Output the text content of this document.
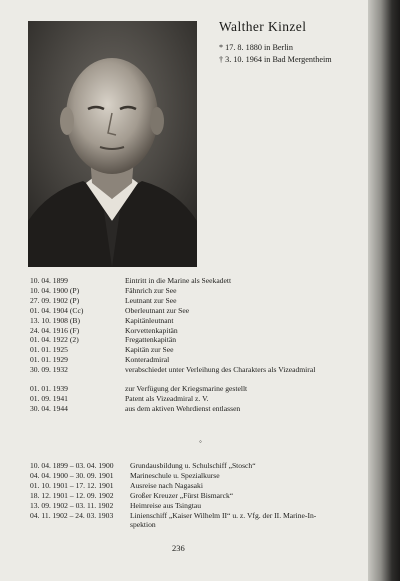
Walther Kinzel
* 17. 8. 1880 in Berlin
† 3. 10. 1964 in Bad Mergentheim
10. 04. 1899	Eintritt in die Marine als Seekadett
10. 04. 1900 (P)	Fähnrich zur See
27. 09. 1902 (P)	Leutnant zur See
01. 04. 1904 (Cc)	Oberleutnant zur See
13. 10. 1908 (B)	Kapitänleutnant
24. 04. 1916 (F)	Korvettenkapitän
01. 04. 1922 (2)	Fregattenkapitän
01. 01. 1925	Kapitän zur See
01. 01. 1929	Konteradmiral
30. 09. 1932	verabschiedet unter Verleihung des Charakters als Vizeadmiral
01. 01. 1939	zur Verfügung der Kriegsmarine gestellt
01. 09. 1941	Patent als Vizeadmiral z. V.
30. 04. 1944	aus dem aktiven Wehrdienst entlassen
◦
10. 04. 1899 – 03. 04. 1900	Grundausbildung u. Schulschiff „Stosch“
04. 04. 1900 – 30. 09. 1901	Marineschule u. Spezialkurse
01. 10. 1901 – 17. 12. 1901	Ausreise nach Nagasaki
18. 12. 1901 – 12. 09. 1902	Großer Kreuzer „Fürst Bismarck“
13. 09. 1902 – 03. 11. 1902	Heimreise aus Tsingtau
04. 11. 1902 – 24. 03. 1903	Linienschiff „Kaiser Wilhelm II“ u. z. Vfg. der II. Marine-In-
spektion
236
